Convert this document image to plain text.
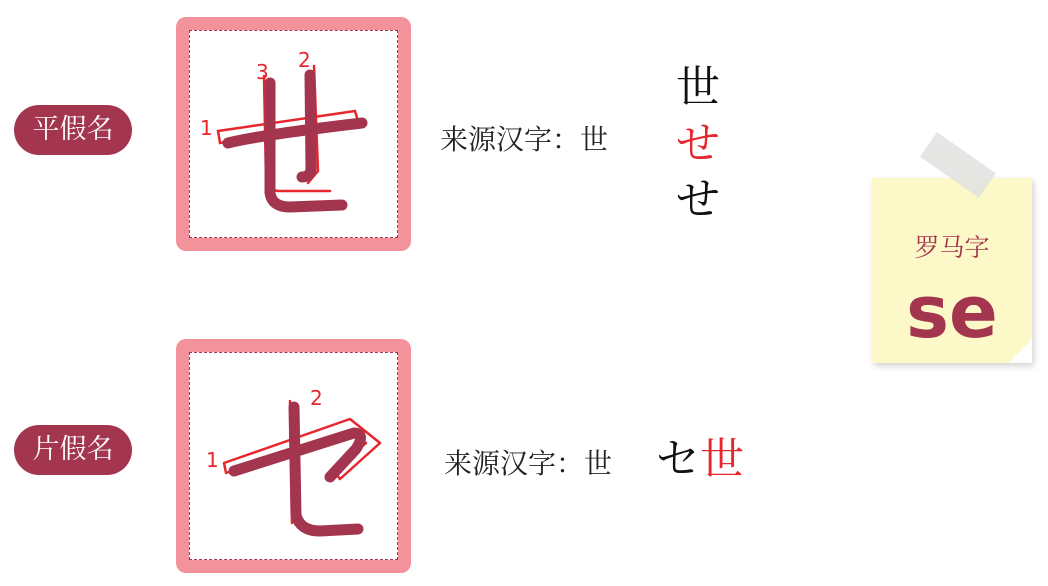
平假名	1
2
3
来源汉字：世
世
せ
せ
片假名	1
2
来源汉字：世 セ世
罗马字
se
